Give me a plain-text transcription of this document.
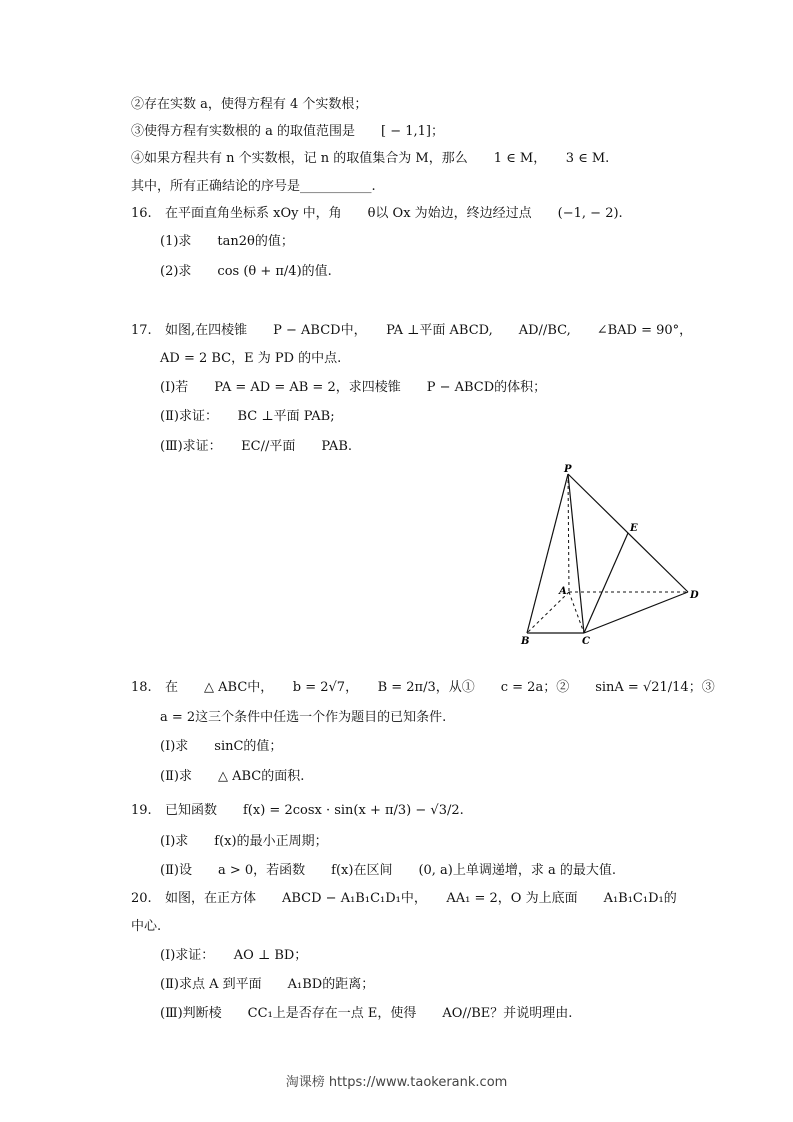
②存在实数 a，使得方程有 4 个实数根；
③使得方程有实数根的 a 的取值范围是　　[ − 1,1]；
④如果方程共有 n 个实数根，记 n 的取值集合为 M，那么　　1 ∈ M，　　3 ∈ M.
其中，所有正确结论的序号是___________.
16. 在平面直角坐标系 xOy 中，角　　θ以 Ox 为始边，终边经过点　　(−1, − 2).
(1)求　　tan2θ的值；
(2)求　　cos (θ + π/4)的值.
17. 如图,在四棱锥　　P − ABCD中，　　PA ⊥平面 ABCD,　　AD//BC,　　∠BAD = 90°，
AD = 2 BC，E 为 PD 的中点.
(Ⅰ)若　　PA = AD = AB = 2，求四棱锥　　P − ABCD的体积；
(Ⅱ)求证：　　BC ⊥平面 PAB;
(Ⅲ)求证：　　EC//平面　　PAB.
P
E
A	D
B	C
18. 在　　△ ABC中，　　b = 2√7，　　B = 2π/3，从①　　c = 2a；②　　sinA = √21/14；③
a = 2这三个条件中任选一个作为题目的已知条件.
(Ⅰ)求　　sinC的值；
(Ⅱ)求　　△ ABC的面积.
19. 已知函数　　f(x) = 2cosx · sin(x + π/3) − √3/2.
(Ⅰ)求　　f(x)的最小正周期；
(Ⅱ)设　　a > 0，若函数　　f(x)在区间　　(0, a)上单调递增，求 a 的最大值.
20. 如图，在正方体　　ABCD − A₁B₁C₁D₁中，　　AA₁ = 2，O 为上底面　　A₁B₁C₁D₁的
中心.
(Ⅰ)求证：　　AO ⊥ BD；
(Ⅱ)求点 A 到平面　　A₁BD的距离；
(Ⅲ)判断棱　　CC₁上是否存在一点 E，使得　　AO//BE？并说明理由.
淘课榜 https://www.taokerank.com
